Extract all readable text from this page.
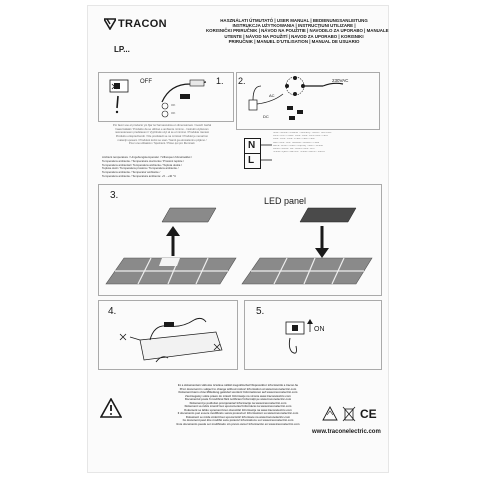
TRACON
LP...
HASZNÁLATI ÚTMUTATÓ | USER MANUAL | BEDIENUNGSANLEITUNG
INSTRUKCJA UŻYTKOWANIA | INSTRUCŢIUNI UTILIZARE |
KORISNIČKI PRIRUČNIK | NÁVOD NA POUŽITIE | NAVODILO ZA UPORABO | MANUALE
UTENTE | NÁVOD NA POUŽITÍ | NAVOD ZA UPORABO | KORISNIKI
PRIRUČNIK | MANUEL D'UTILISATION | MANUAL DE USUARIO
1.
OFF
OK
OK
Por favor use el producto y/o fijar luz farmacéutica en dimensionam / Gesch Geñal
haasználatát / Produkto da se utilizao e ambiente mínimo - Instrukti uzytkovan
nesnesteneem predstavení / Vyplnbuté uzyt al se el mínimo / Produkte nieniesi
Produktu entsprechendn / Nie predstavit se na mínimal / Produkt je nemal ton
mateniji upoeam / Produkot korist se usar / Samit ga ekvivalentnu prijámo /
Pour une utilisation / Spelnieni / Ploso qui pro Illuminati.
Ambient temperature / Umgebungstemperatur / Villnoquen hőmérséklet /
Temperatura ambiente / Temperatura otoczenia / Prostoni teplote /
Temperatura ambiental / Temperatura ambiente / Teplota okolia /
Teplota okolí / Temperatura prostora / Temperatura ambiente /
Temperatura ambiente / Temperatur ambiante /
Temperatura ambiente / Temperatura ambiente: +5 - +40 °C
2.	230VAC
AC
DC
N
L
Nulla / Neutral / Nullleiter / Neutralny / Neutru / Nulti vodič
Fázis / Live / Phase / Faza / Fază / Fazni vodič / Fáza
Fase / Fáze / Faza / Phase / Fase / Fase
Blau / Blue / Kék / Niebieski / Albastru / Plava
Barna / Brown / Braun / Brązowy / Maro / Smeđa
Modrá / Modra / Blu / Modrá / Bleu / Azul
Hnedá / Rjava / Marrone / Hnědá / Marron / Marrón
3.	LED panel
4.	5.
ON
Ez a dokumentum változás örtetése nélkül megváltozhat! Reprezéktor információk a tracon.hu
Prior document is subject to change without notice! Information at www.traconelectric.com
Dokument kann ohne Mitteilung geändert werden! Informationen auf www.traconelectric.com
Zastrzegamy sobie prawo do zmian! Informacje na stronie www.traconelectric.com
Documentul poate fi modificat fără notificare! Informaţii pe www.traconelectric.com
Dokument je podložan promjenama! Informacije na www.traconelectric.com
Dokument sa môže zmeniť bez upozornenia! Informácie na www.traconelectric.com
Dokument se lahko spremeni brez obvestila! Informacije na www.traconelectric.com
Il documento può essere modificato senza preavviso! Informazioni su www.traconelectric.com
Dokument se může změnit bez upozornění! Informace na www.traconelectric.com
Ce document peut être modifié sans préavis! Informations sur www.traconelectric.com
Este documento puede ser modificado sin previo aviso! Información en www.traconelectric.com
CE
www.traconelectric.com
